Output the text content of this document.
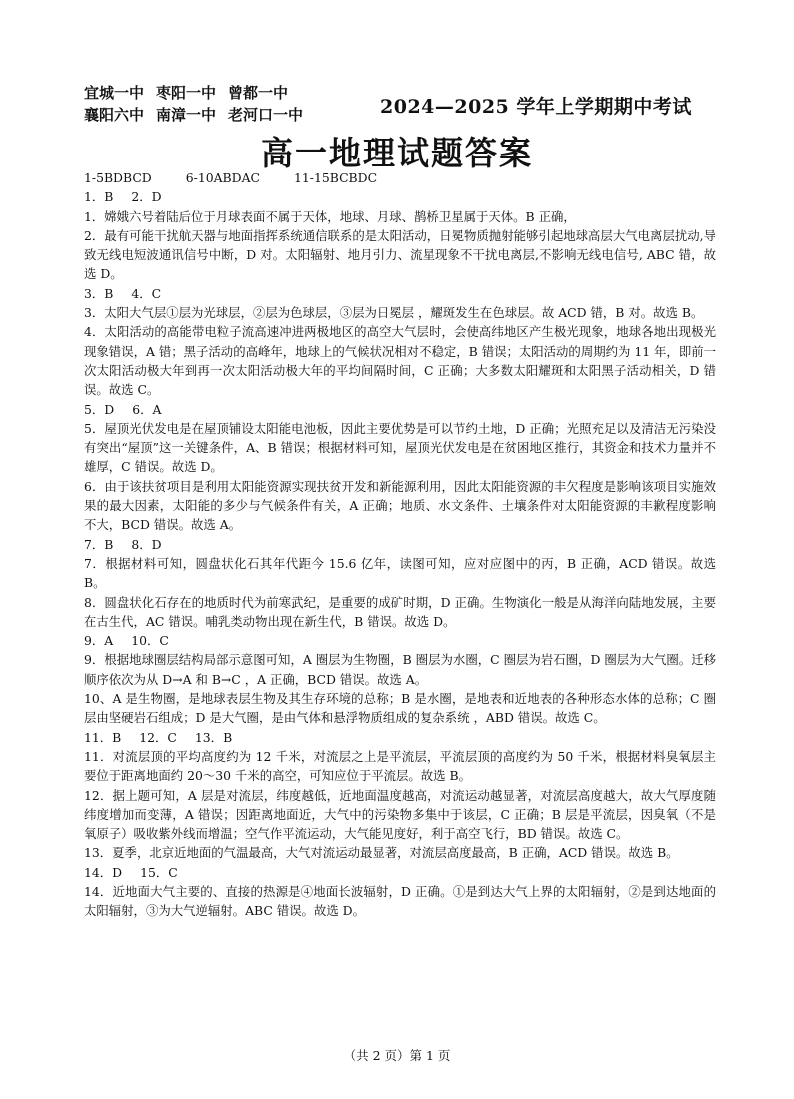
宜城一中 枣阳一中 曾都一中
襄阳六中 南漳一中 老河口一中	2024—2025 学年上学期期中考试
高一地理试题答案
1-5BDBCD	6-10ABDAC	11-15BCBDC
1．B 2．D

1．嫦娥六号着陆后位于月球表面不属于天体，地球、月球、鹊桥卫星属于天体。B 正确，

2．最有可能干扰航天器与地面指挥系统通信联系的是太阳活动，日冕物质抛射能够引起地球高层大气电离层扰动,导致无线电短波通讯信号中断，D 对。太阳辐射、地月引力、流星现象不干扰电离层,不影响无线电信号, ABC 错，故选 D。

3．B 4．C

3．太阳大气层①层为光球层，②层为色球层，③层为日冕层 ，耀斑发生在色球层。故 ACD 错，B 对。故选 B。

4．太阳活动的高能带电粒子流高速冲进两极地区的高空大气层时，会使高纬地区产生极光现象，地球各地出现极光现象错误，A 错；黑子活动的高峰年，地球上的气候状况相对不稳定，B 错误；太阳活动的周期约为 11 年，即前一次太阳活动极大年到再一次太阳活动极大年的平均间隔时间，C 正确；大多数太阳耀斑和太阳黑子活动相关，D 错误。故选 C。

5．D 6．A

5．屋顶光伏发电是在屋顶铺设太阳能电池板，因此主要优势是可以节约土地，D 正确；光照充足以及清洁无污染没有突出“屋顶”这一关键条件，A、B 错误；根据材料可知，屋顶光伏发电是在贫困地区推行，其资金和技术力量并不雄厚，C 错误。故选 D。

6．由于该扶贫项目是利用太阳能资源实现扶贫开发和新能源利用，因此太阳能资源的丰欠程度是影响该项目实施效果的最大因素，太阳能的多少与气候条件有关，A 正确；地质、水文条件、土壤条件对太阳能资源的丰歉程度影响不大，BCD 错误。故选 A。

7．B 8．D

7．根据材料可知，圆盘状化石其年代距今 15.6 亿年，读图可知，应对应图中的丙，B 正确，ACD 错误。故选 B。

8．圆盘状化石存在的地质时代为前寒武纪，是重要的成矿时期，D 正确。生物演化一般是从海洋向陆地发展，主要在古生代，AC 错误。哺乳类动物出现在新生代，B 错误。故选 D。

9．A 10．C

9．根据地球圈层结构局部示意图可知，A 圈层为生物圈，B 圈层为水圈，C 圈层为岩石圈，D 圈层为大气圈。迁移顺序依次为从 D→A 和 B→C ，A 正确，BCD 错误。故选 A。

10、A 是生物圈，是地球表层生物及其生存环境的总称；B 是水圈，是地表和近地表的各种形态水体的总称；C 圈层由坚硬岩石组成；D 是大气圈，是由气体和悬浮物质组成的复杂系统 ，ABD 错误。故选 C。

11．B 12．C 13．B

11．对流层顶的平均高度约为 12 千米，对流层之上是平流层，平流层顶的高度约为 50 千米，根据材料臭氧层主要位于距离地面约 20～30 千米的高空，可知应位于平流层。故选 B。

12．据上题可知，A 层是对流层，纬度越低，近地面温度越高，对流运动越显著，对流层高度越大，故大气厚度随纬度增加而变薄，A 错误；因距离地面近，大气中的污染物多集中于该层，C 正确；B 层是平流层，因臭氧（不是氧原子）吸收紫外线而增温；空气作平流运动，大气能见度好，利于高空飞行，BD 错误。故选 C。

13．夏季，北京近地面的气温最高，大气对流运动最显著，对流层高度最高，B 正确，ACD 错误。故选 B。

14．D 15．C

14．近地面大气主要的、直接的热源是④地面长波辐射，D 正确。①是到达大气上界的太阳辐射，②是到达地面的太阳辐射，③为大气逆辐射。ABC 错误。故选 D。

（共 2 页）第 1 页
